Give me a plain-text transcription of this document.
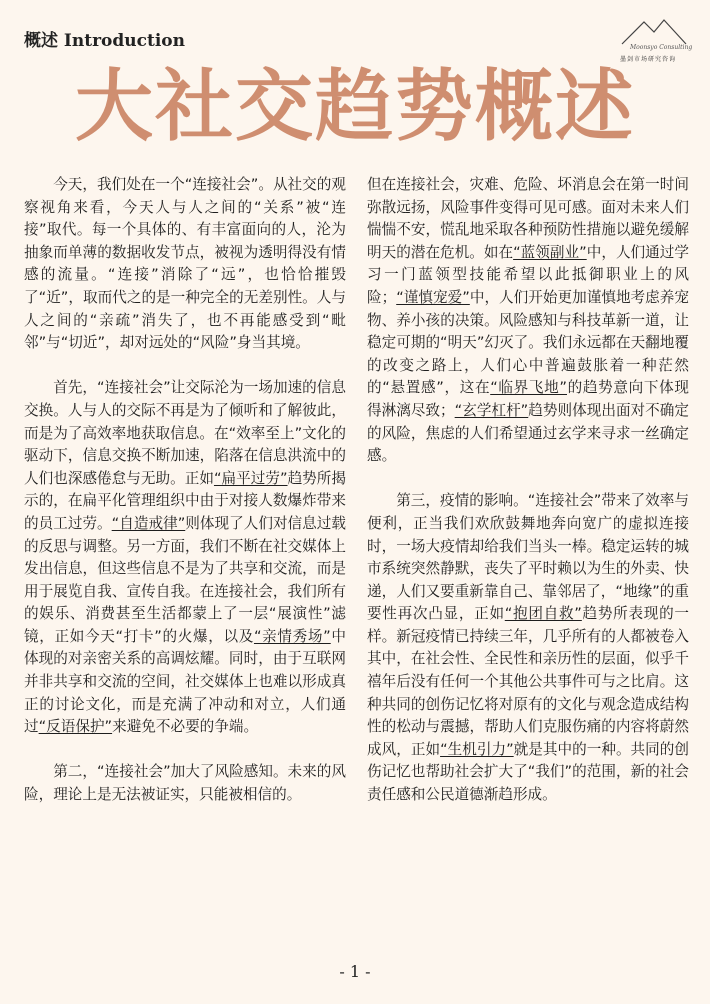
概述 Introduction	Moonsyo Consulting
墨剑市场研究咨询
大社交趋势概述

今天，我们处在一个“连接社会”。从社交的观察视角来看，今天人与人之间的“关系”被“连接”取代。每一个具体的、有丰富面向的人，沦为抽象而单薄的数据收发节点，被视为透明得没有情感的流量。“连接”消除了“远”，也恰恰摧毁了“近”，取而代之的是一种完全的无差别性。人与人之间的“亲疏”消失了，也不再能感受到“毗邻”与“切近”，却对远处的“风险”身当其境。

首先，“连接社会”让交际沦为一场加速的信息交换。人与人的交际不再是为了倾听和了解彼此，而是为了高效率地获取信息。在“效率至上”文化的驱动下，信息交换不断加速，陷落在信息洪流中的人们也深感倦怠与无助。正如“扁平过劳”趋势所揭示的，在扁平化管理组织中由于对接人数爆炸带来的员工过劳。“自造戒律”则体现了人们对信息过载的反思与调整。另一方面，我们不断在社交媒体上发出信息，但这些信息不是为了共享和交流，而是用于展览自我、宣传自我。在连接社会，我们所有的娱乐、消费甚至生活都蒙上了一层“展演性”滤镜，正如今天“打卡”的火爆，以及“亲情秀场”中体现的对亲密关系的高调炫耀。同时，由于互联网并非共享和交流的空间，社交媒体上也难以形成真正的讨论文化，而是充满了冲动和对立，人们通过“反语保护”来避免不必要的争端。

第二，“连接社会”加大了风险感知。未来的风险，理论上是无法被证实，只能被相信的。

但在连接社会，灾难、危险、坏消息会在第一时间弥散远扬，风险事件变得可见可感。面对未来人们惴惴不安，慌乱地采取各种预防性措施以避免缓解明天的潜在危机。如在“蓝领副业”中，人们通过学习一门蓝领型技能希望以此抵御职业上的风险；“谨慎宠爱”中，人们开始更加谨慎地考虑养宠物、养小孩的决策。风险感知与科技革新一道，让稳定可期的“明天”幻灭了。我们永远都在天翻地覆的改变之路上，人们心中普遍鼓胀着一种茫然的“悬置感”，这在“临界飞地”的趋势意向下体现得淋漓尽致；“玄学杠杆”趋势则体现出面对不确定的风险，焦虑的人们希望通过玄学来寻求一丝确定感。

第三，疫情的影响。“连接社会”带来了效率与便利，正当我们欢欣鼓舞地奔向宽广的虚拟连接时，一场大疫情却给我们当头一棒。稳定运转的城市系统突然静默，丧失了平时赖以为生的外卖、快递，人们又要重新靠自己、靠邻居了，“地缘”的重要性再次凸显，正如“抱团自救”趋势所表现的一样。新冠疫情已持续三年，几乎所有的人都被卷入其中，在社会性、全民性和亲历性的层面，似乎千禧年后没有任何一个其他公共事件可与之比肩。这种共同的创伤记忆将对原有的文化与观念造成结构性的松动与震撼，帮助人们克服伤痛的内容将蔚然成风，正如“生机引力”就是其中的一种。共同的创伤记忆也帮助社会扩大了“我们”的范围，新的社会责任感和公民道德渐趋形成。

- 1 -
